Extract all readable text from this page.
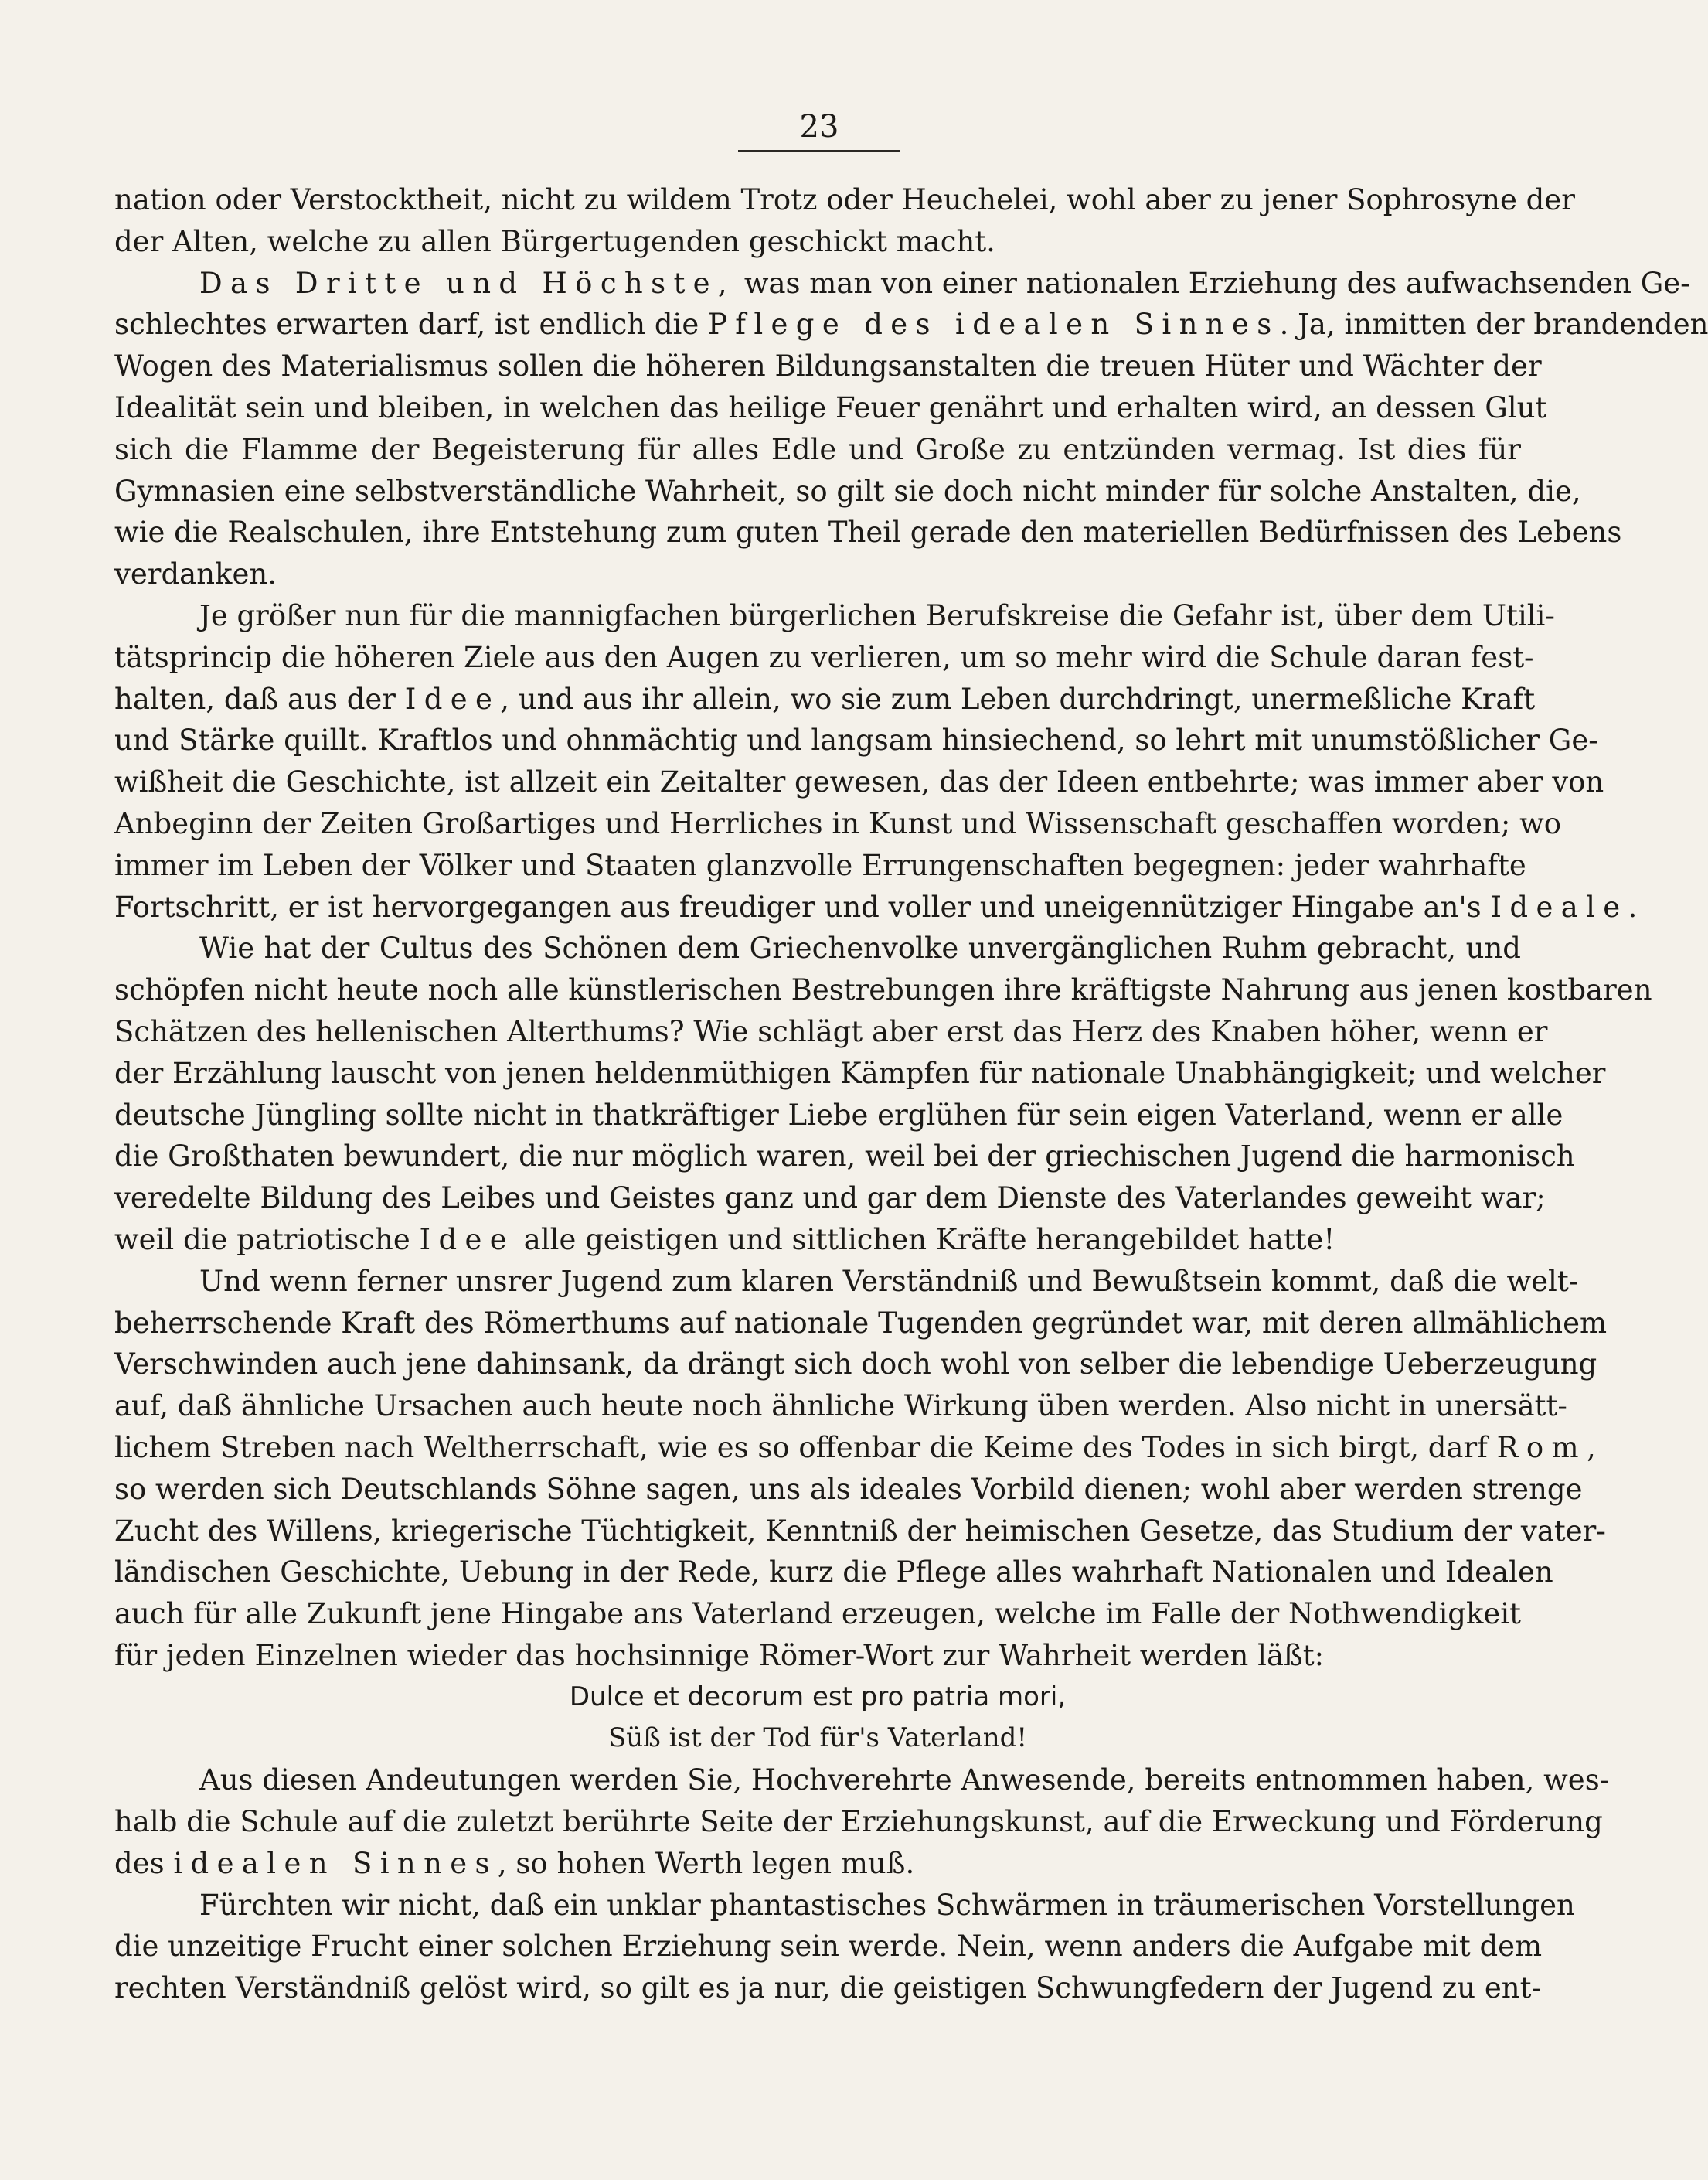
23
nation oder Verstocktheit, nicht zu wildem Trotz oder Heuchelei, wohl aber zu jener Sophrosyne der
der Alten, welche zu allen Bürgertugenden geschickt macht.
Das Dritte und Höchste, was man von einer nationalen Erziehung des aufwachsenden Ge-
schlechtes erwarten darf, ist endlich die Pflege des idealen Sinnes. Ja, inmitten der brandenden
Wogen des Materialismus sollen die höheren Bildungsanstalten die treuen Hüter und Wächter der
Idealität sein und bleiben, in welchen das heilige Feuer genährt und erhalten wird, an dessen Glut
sich die Flamme der Begeisterung für alles Edle und Große zu entzünden vermag. Ist dies für
Gymnasien eine selbstverständliche Wahrheit, so gilt sie doch nicht minder für solche Anstalten, die,
wie die Realschulen, ihre Entstehung zum guten Theil gerade den materiellen Bedürfnissen des Lebens
verdanken.
Je größer nun für die mannigfachen bürgerlichen Berufskreise die Gefahr ist, über dem Utili-
tätsprincip die höheren Ziele aus den Augen zu verlieren, um so mehr wird die Schule daran fest-
halten, daß aus der Idee, und aus ihr allein, wo sie zum Leben durchdringt, unermeßliche Kraft
und Stärke quillt. Kraftlos und ohnmächtig und langsam hinsiechend, so lehrt mit unumstößlicher Ge-
wißheit die Geschichte, ist allzeit ein Zeitalter gewesen, das der Ideen entbehrte; was immer aber von
Anbeginn der Zeiten Großartiges und Herrliches in Kunst und Wissenschaft geschaffen worden; wo
immer im Leben der Völker und Staaten glanzvolle Errungenschaften begegnen: jeder wahrhafte
Fortschritt, er ist hervorgegangen aus freudiger und voller und uneigennütziger Hingabe an's Ideale.
Wie hat der Cultus des Schönen dem Griechenvolke unvergänglichen Ruhm gebracht, und
schöpfen nicht heute noch alle künstlerischen Bestrebungen ihre kräftigste Nahrung aus jenen kostbaren
Schätzen des hellenischen Alterthums? Wie schlägt aber erst das Herz des Knaben höher, wenn er
der Erzählung lauscht von jenen heldenmüthigen Kämpfen für nationale Unabhängigkeit; und welcher
deutsche Jüngling sollte nicht in thatkräftiger Liebe erglühen für sein eigen Vaterland, wenn er alle
die Großthaten bewundert, die nur möglich waren, weil bei der griechischen Jugend die harmonisch
veredelte Bildung des Leibes und Geistes ganz und gar dem Dienste des Vaterlandes geweiht war;
weil die patriotische Idee alle geistigen und sittlichen Kräfte herangebildet hatte!
Und wenn ferner unsrer Jugend zum klaren Verständniß und Bewußtsein kommt, daß die welt-
beherrschende Kraft des Römerthums auf nationale Tugenden gegründet war, mit deren allmählichem
Verschwinden auch jene dahinsank, da drängt sich doch wohl von selber die lebendige Ueberzeugung
auf, daß ähnliche Ursachen auch heute noch ähnliche Wirkung üben werden. Also nicht in unersätt-
lichem Streben nach Weltherrschaft, wie es so offenbar die Keime des Todes in sich birgt, darf Rom,
so werden sich Deutschlands Söhne sagen, uns als ideales Vorbild dienen; wohl aber werden strenge
Zucht des Willens, kriegerische Tüchtigkeit, Kenntniß der heimischen Gesetze, das Studium der vater-
ländischen Geschichte, Uebung in der Rede, kurz die Pflege alles wahrhaft Nationalen und Idealen
auch für alle Zukunft jene Hingabe ans Vaterland erzeugen, welche im Falle der Nothwendigkeit
für jeden Einzelnen wieder das hochsinnige Römer-Wort zur Wahrheit werden läßt:
Dulce et decorum est pro patria mori,
Süß ist der Tod für's Vaterland!
Aus diesen Andeutungen werden Sie, Hochverehrte Anwesende, bereits entnommen haben, wes-
halb die Schule auf die zuletzt berührte Seite der Erziehungskunst, auf die Erweckung und Förderung
des idealen Sinnes, so hohen Werth legen muß.
Fürchten wir nicht, daß ein unklar phantastisches Schwärmen in träumerischen Vorstellungen
die unzeitige Frucht einer solchen Erziehung sein werde. Nein, wenn anders die Aufgabe mit dem
rechten Verständniß gelöst wird, so gilt es ja nur, die geistigen Schwungfedern der Jugend zu ent-
